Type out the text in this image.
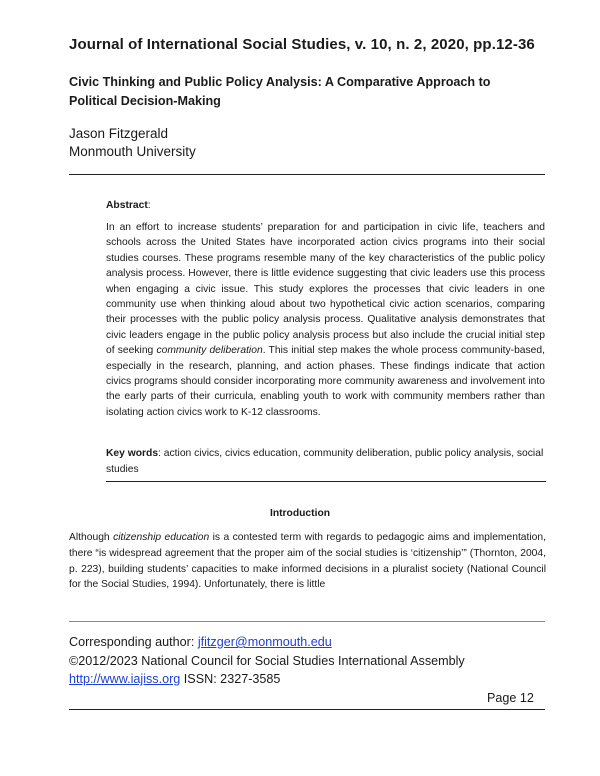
Journal of International Social Studies, v. 10, n. 2, 2020, pp.12-36
Civic Thinking and Public Policy Analysis: A Comparative Approach to Political Decision-Making
Jason Fitzgerald
Monmouth University
Abstract:
In an effort to increase students’ preparation for and participation in civic life, teachers and schools across the United States have incorporated action civics programs into their social studies courses. These programs resemble many of the key characteristics of the public policy analysis process. However, there is little evidence suggesting that civic leaders use this process when engaging a civic issue. This study explores the processes that civic leaders in one community use when thinking aloud about two hypothetical civic action scenarios, comparing their processes with the public policy analysis process. Qualitative analysis demonstrates that civic leaders engage in the public policy analysis process but also include the crucial initial step of seeking community deliberation. This initial step makes the whole process community-based, especially in the research, planning, and action phases. These findings indicate that action civics programs should consider incorporating more community awareness and involvement into the early parts of their curricula, enabling youth to work with community members rather than isolating action civics work to K-12 classrooms.
Key words: action civics, civics education, community deliberation, public policy analysis, social studies
Introduction
Although citizenship education is a contested term with regards to pedagogic aims and implementation, there “is widespread agreement that the proper aim of the social studies is ‘citizenship’” (Thornton, 2004, p. 223), building students’ capacities to make informed decisions in a pluralist society (National Council for the Social Studies, 1994). Unfortunately, there is little
Corresponding author: jfitzger@monmouth.edu
©2012/2023 National Council for Social Studies International Assembly
http://www.iajiss.org ISSN: 2327-3585
Page 12
